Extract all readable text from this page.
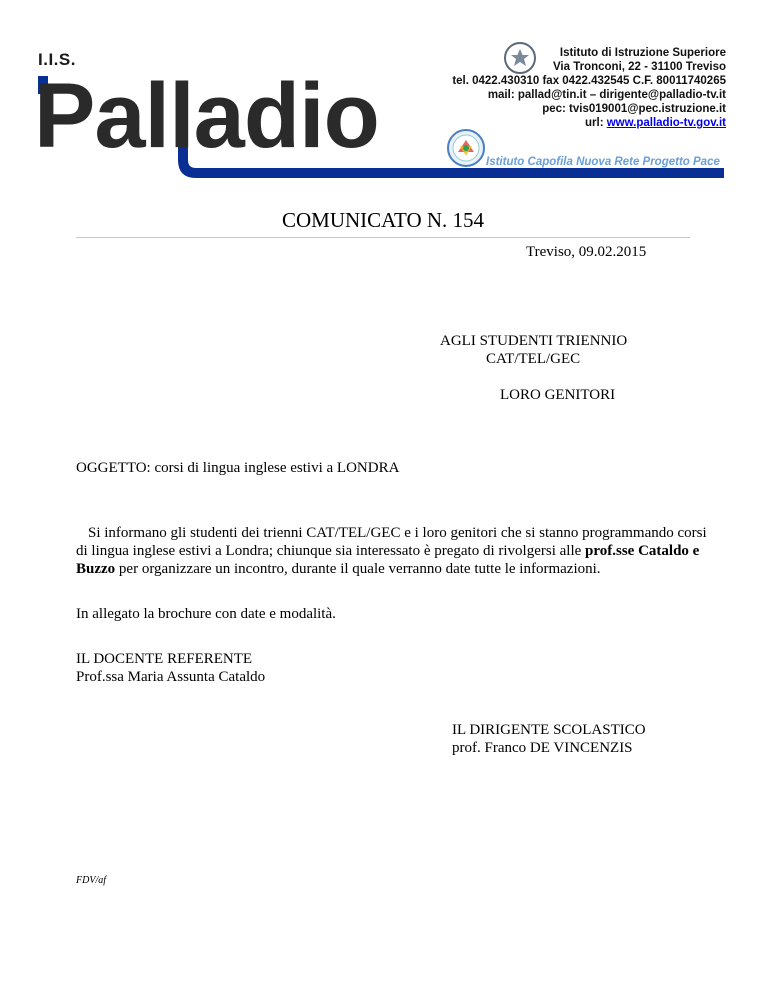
I.I.S.
Palladio
Istituto di Istruzione Superiore
Via Tronconi, 22 - 31100 Treviso
tel. 0422.430310 fax 0422.432545 C.F. 80011740265
mail: pallad@tin.it – dirigente@palladio-tv.it
pec: tvis019001@pec.istruzione.it
url: www.palladio-tv.gov.it
Istituto Capofila Nuova Rete Progetto Pace
COMUNICATO N. 154
Treviso, 09.02.2015
AGLI STUDENTI TRIENNIO
CAT/TEL/GEC
LORO GENITORI
OGGETTO: corsi di lingua inglese estivi a LONDRA
Si informano gli studenti dei trienni CAT/TEL/GEC e i loro genitori che si stanno programmando corsi di lingua inglese estivi a Londra; chiunque sia interessato è pregato di rivolgersi alle prof.sse Cataldo e Buzzo per organizzare un incontro, durante il quale verranno date tutte le informazioni.
In allegato la brochure con date e modalità.
IL DOCENTE REFERENTE
Prof.ssa Maria Assunta Cataldo
IL DIRIGENTE SCOLASTICO
prof. Franco DE VINCENZIS
FDV/af
